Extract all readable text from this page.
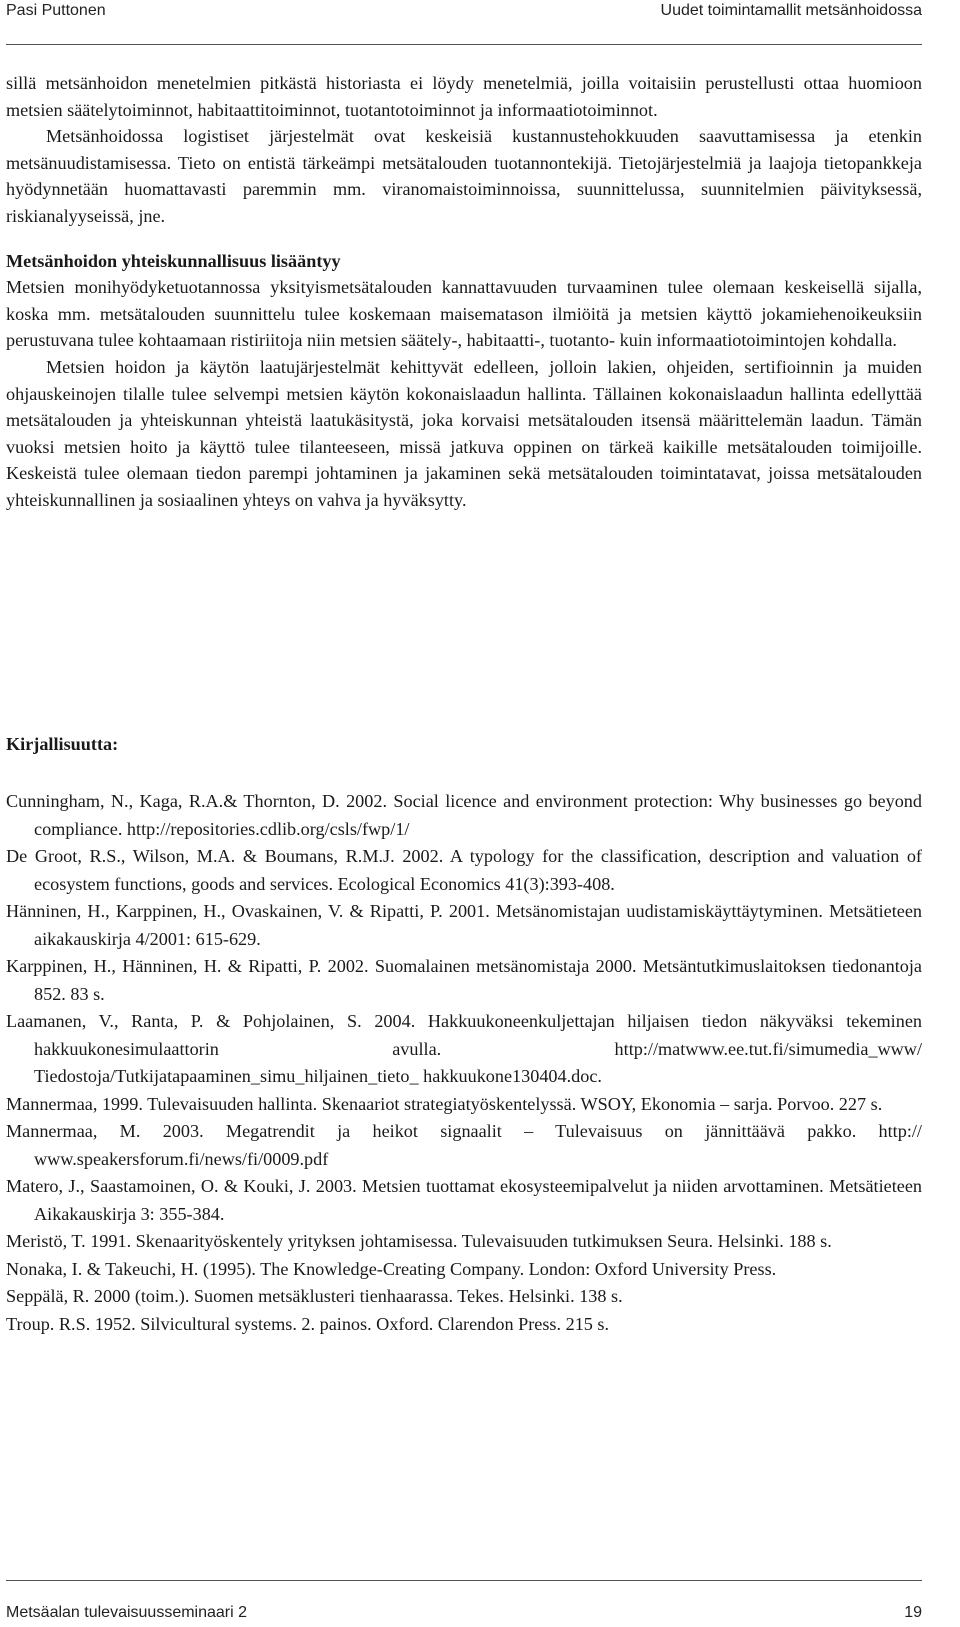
Pasi Puttonen	Uudet toimintamallit metsänhoidossa

sillä metsänhoidon menetelmien pitkästä historiasta ei löydy menetelmiä, joilla voitaisiin perustellusti ottaa huomioon metsien säätelytoiminnot, habitaattitoiminnot, tuotantotoiminnot ja informaatiotoiminnot.

Metsänhoidossa logistiset järjestelmät ovat keskeisiä kustannustehokkuuden saavuttamisessa ja etenkin metsänuudistamisessa. Tieto on entistä tärkeämpi metsätalouden tuotannontekijä. Tietojärjestelmiä ja laajoja tietopankkeja hyödynnetään huomattavasti paremmin mm. viranomaistoiminnoissa, suunnittelussa, suunnitelmien päivityksessä, riskianalyyseissä, jne.

Metsänhoidon yhteiskunnallisuus lisääntyy

Metsien monihyödyketuotannossa yksityismetsätalouden kannattavuuden turvaaminen tulee olemaan keskeisellä sijalla, koska mm. metsätalouden suunnittelu tulee koskemaan maisematason ilmiöitä ja metsien käyttö jokamiehenoikeuksiin perustuvana tulee kohtaamaan ristiriitoja niin metsien säätely-, habitaatti-, tuotanto- kuin informaatiotoimintojen kohdalla.

Metsien hoidon ja käytön laatujärjestelmät kehittyvät edelleen, jolloin lakien, ohjeiden, sertifioinnin ja muiden ohjauskeinojen tilalle tulee selvempi metsien käytön kokonaislaadun hallinta. Tällainen kokonaislaadun hallinta edellyttää metsätalouden ja yhteiskunnan yhteistä laatukäsitystä, joka korvaisi metsätalouden itsensä määrittelemän laadun. Tämän vuoksi metsien hoito ja käyttö tulee tilanteeseen, missä jatkuva oppinen on tärkeä kaikille metsätalouden toimijoille. Keskeistä tulee olemaan tiedon parempi johtaminen ja jakaminen sekä metsätalouden toimintatavat, joissa metsätalouden yhteiskunnallinen ja sosiaalinen yhteys on vahva ja hyväksytty.

Kirjallisuutta:

Cunningham, N., Kaga, R.A.& Thornton, D. 2002. Social licence and environment protection: Why businesses go beyond compliance. http://repositories.cdlib.org/csls/fwp/1/

De Groot, R.S., Wilson, M.A. & Boumans, R.M.J. 2002. A typology for the classification, description and valuation of ecosystem functions, goods and services. Ecological Economics 41(3):393-408.

Hänninen, H., Karppinen, H., Ovaskainen, V. & Ripatti, P. 2001. Metsänomistajan uudistamiskäyttäytyminen. Metsätieteen aikakauskirja 4/2001: 615-629.

Karppinen, H., Hänninen, H. & Ripatti, P. 2002. Suomalainen metsänomistaja 2000. Metsäntutkimuslaitoksen tiedonantoja 852. 83 s.

Laamanen, V., Ranta, P. & Pohjolainen, S. 2004. Hakkuukoneenkuljettajan hiljaisen tiedon näkyväksi tekeminen hakkuukonesimulaattorin avulla. http://matwww.ee.tut.fi/simumedia_www/ Tiedostoja/Tutkijatapaaminen_simu_hiljainen_tieto_ hakkuukone130404.doc.

Mannermaa, 1999. Tulevaisuuden hallinta. Skenaariot strategiatyöskentelyssä. WSOY, Ekonomia – sarja. Porvoo. 227 s.

Mannermaa, M. 2003. Megatrendit ja heikot signaalit – Tulevaisuus on jännittäävä pakko. http:// www.speakersforum.fi/news/fi/0009.pdf

Matero, J., Saastamoinen, O. & Kouki, J. 2003. Metsien tuottamat ekosysteemipalvelut ja niiden arvottaminen. Metsätieteen Aikakauskirja 3: 355-384.

Meristö, T. 1991. Skenaarityöskentely yrityksen johtamisessa. Tulevaisuuden tutkimuksen Seura. Helsinki. 188 s.

Nonaka, I. & Takeuchi, H. (1995). The Knowledge-Creating Company. London: Oxford University Press.

Seppälä, R. 2000 (toim.). Suomen metsäklusteri tienhaarassa. Tekes. Helsinki. 138 s.

Troup. R.S. 1952. Silvicultural systems. 2. painos. Oxford. Clarendon Press. 215 s.

Metsäalan tulevaisuusseminaari 2	19
